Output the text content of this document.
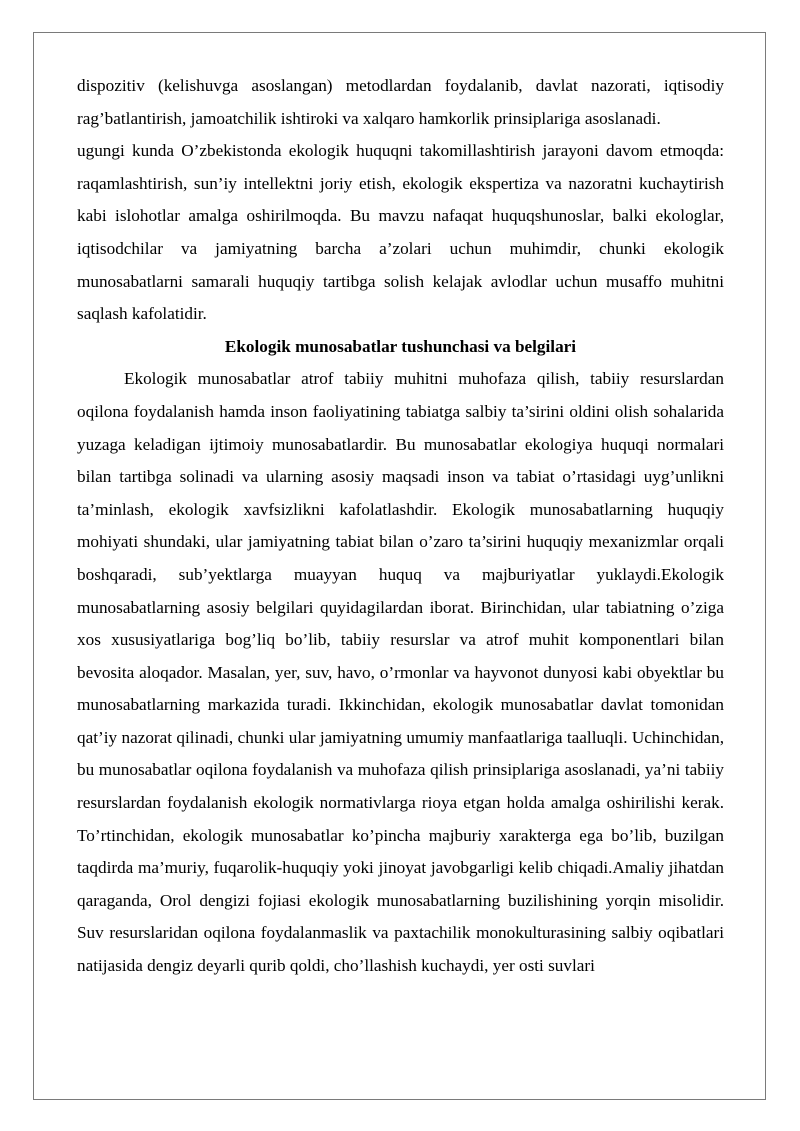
dispozitiv (kelishuvga asoslangan) metodlardan foydalanib, davlat nazorati, iqtisodiy rag’batlantirish, jamoatchilik ishtiroki va xalqaro hamkorlik prinsiplariga asoslanadi.

ugungi kunda O’zbekistonda ekologik huquqni takomillashtirish jarayoni davom etmoqda: raqamlashtirish, sun’iy intellektni joriy etish, ekologik ekspertiza va nazoratni kuchaytirish kabi islohotlar amalga oshirilmoqda. Bu mavzu nafaqat huquqshunoslar, balki ekologlar, iqtisodchilar va jamiyatning barcha a’zolari uchun muhimdir, chunki ekologik munosabatlarni samarali huquqiy tartibga solish kelajak avlodlar uchun musaffo muhitni saqlash kafolatidir.

Ekologik munosabatlar tushunchasi va belgilari

Ekologik munosabatlar atrof tabiiy muhitni muhofaza qilish, tabiiy resurslardan oqilona foydalanish hamda inson faoliyatining tabiatga salbiy ta’sirini oldini olish sohalarida yuzaga keladigan ijtimoiy munosabatlardir. Bu munosabatlar ekologiya huquqi normalari bilan tartibga solinadi va ularning asosiy maqsadi inson va tabiat o’rtasidagi uyg’unlikni ta’minlash, ekologik xavfsizlikni kafolatlashdir. Ekologik munosabatlarning huquqiy mohiyati shundaki, ular jamiyatning tabiat bilan o’zaro ta’sirini huquqiy mexanizmlar orqali boshqaradi, sub’yektlarga muayyan huquq va majburiyatlar yuklaydi.Ekologik munosabatlarning asosiy belgilari quyidagilardan iborat. Birinchidan, ular tabiatning o’ziga xos xususiyatlariga bog’liq bo’lib, tabiiy resurslar va atrof muhit komponentlari bilan bevosita aloqador. Masalan, yer, suv, havo, o’rmonlar va hayvonot dunyosi kabi obyektlar bu munosabatlarning markazida turadi. Ikkinchidan, ekologik munosabatlar davlat tomonidan qat’iy nazorat qilinadi, chunki ular jamiyatning umumiy manfaatlariga taalluqli. Uchinchidan, bu munosabatlar oqilona foydalanish va muhofaza qilish prinsiplariga asoslanadi, ya’ni tabiiy resurslardan foydalanish ekologik normativlarga rioya etgan holda amalga oshirilishi kerak. To’rtinchidan, ekologik munosabatlar ko’pincha majburiy xarakterga ega bo’lib, buzilgan taqdirda ma’muriy, fuqarolik-huquqiy yoki jinoyat javobgarligi kelib chiqadi.Amaliy jihatdan qaraganda, Orol dengizi fojiasi ekologik munosabatlarning buzilishining yorqin misolidir. Suv resurslaridan oqilona foydalanmaslik va paxtachilik monokulturasining salbiy oqibatlari natijasida dengiz deyarli qurib qoldi, cho’llashish kuchaydi, yer osti suvlari
